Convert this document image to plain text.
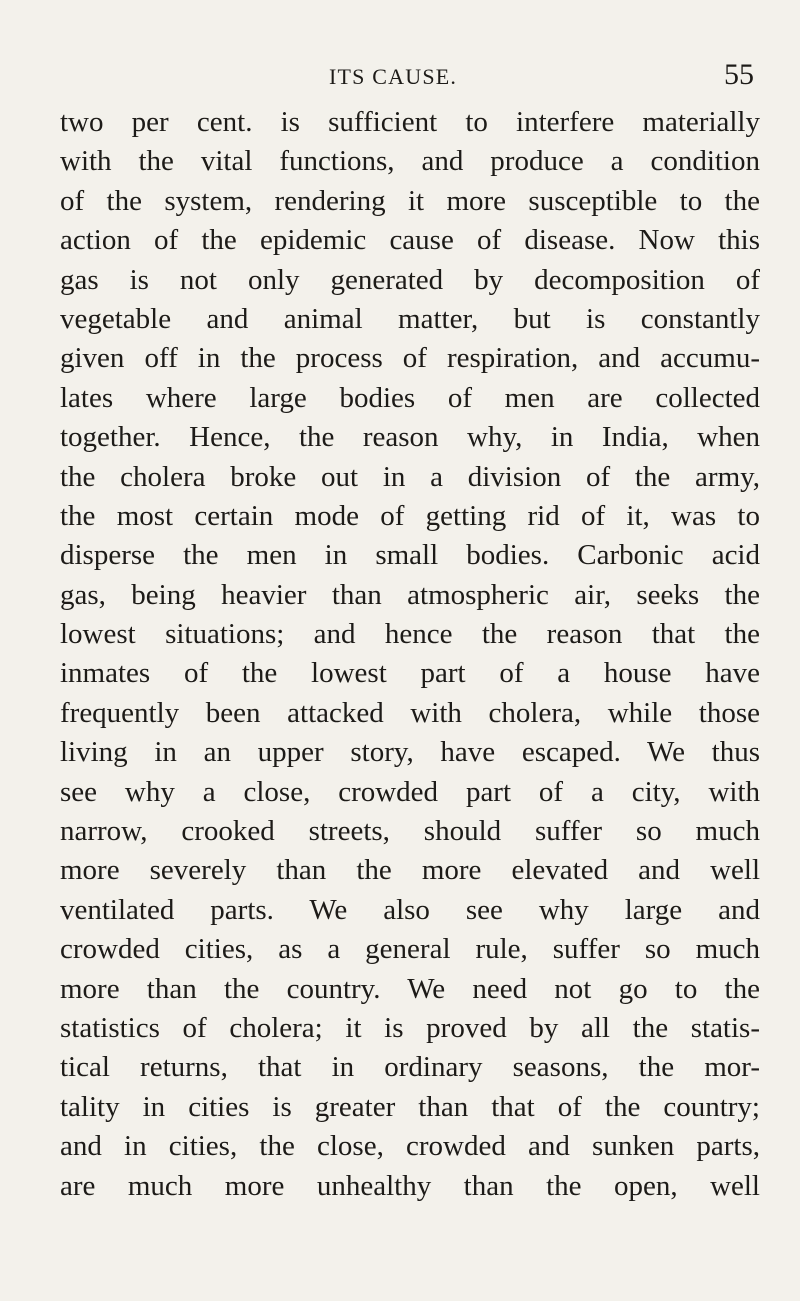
ITS CAUSE.	55
two per cent. is sufficient to interfere materially
with the vital functions, and produce a condition
of the system, rendering it more susceptible to the
action of the epidemic cause of disease. Now this
gas is not only generated by decomposition of
vegetable and animal matter, but is constantly
given off in the process of respiration, and accumu-
lates where large bodies of men are collected
together. Hence, the reason why, in India, when
the cholera broke out in a division of the army,
the most certain mode of getting rid of it, was to
disperse the men in small bodies. Carbonic acid
gas, being heavier than atmospheric air, seeks the
lowest situations; and hence the reason that the
inmates of the lowest part of a house have
frequently been attacked with cholera, while those
living in an upper story, have escaped. We thus
see why a close, crowded part of a city, with
narrow, crooked streets, should suffer so much
more severely than the more elevated and well
ventilated parts. We also see why large and
crowded cities, as a general rule, suffer so much
more than the country. We need not go to the
statistics of cholera; it is proved by all the statis-
tical returns, that in ordinary seasons, the mor-
tality in cities is greater than that of the country;
and in cities, the close, crowded and sunken parts,
are much more unhealthy than the open, well
